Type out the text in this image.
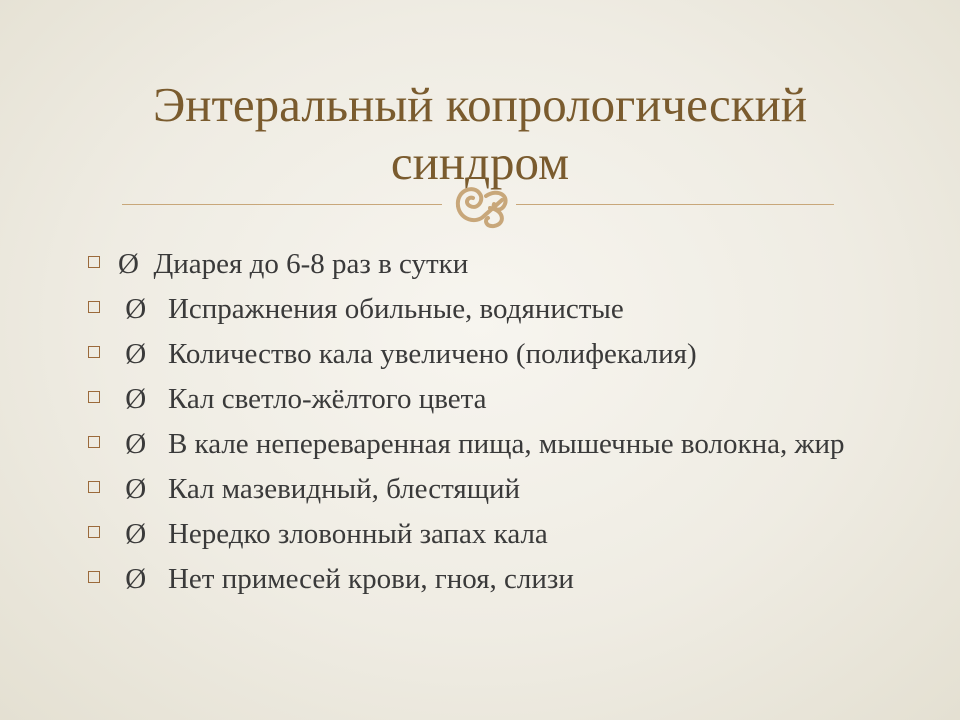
Энтеральный копрологический синдром
Ø Диарея до 6-8 раз в сутки
Ø Испражнения обильные, водянистые
Ø Количество кала увеличено (полифекалия)
Ø Кал светло-жёлтого цвета
Ø В кале непереваренная пища, мышечные волокна, жир
Ø Кал мазевидный, блестящий
Ø Нередко зловонный запах кала
Ø Нет примесей крови, гноя, слизи
